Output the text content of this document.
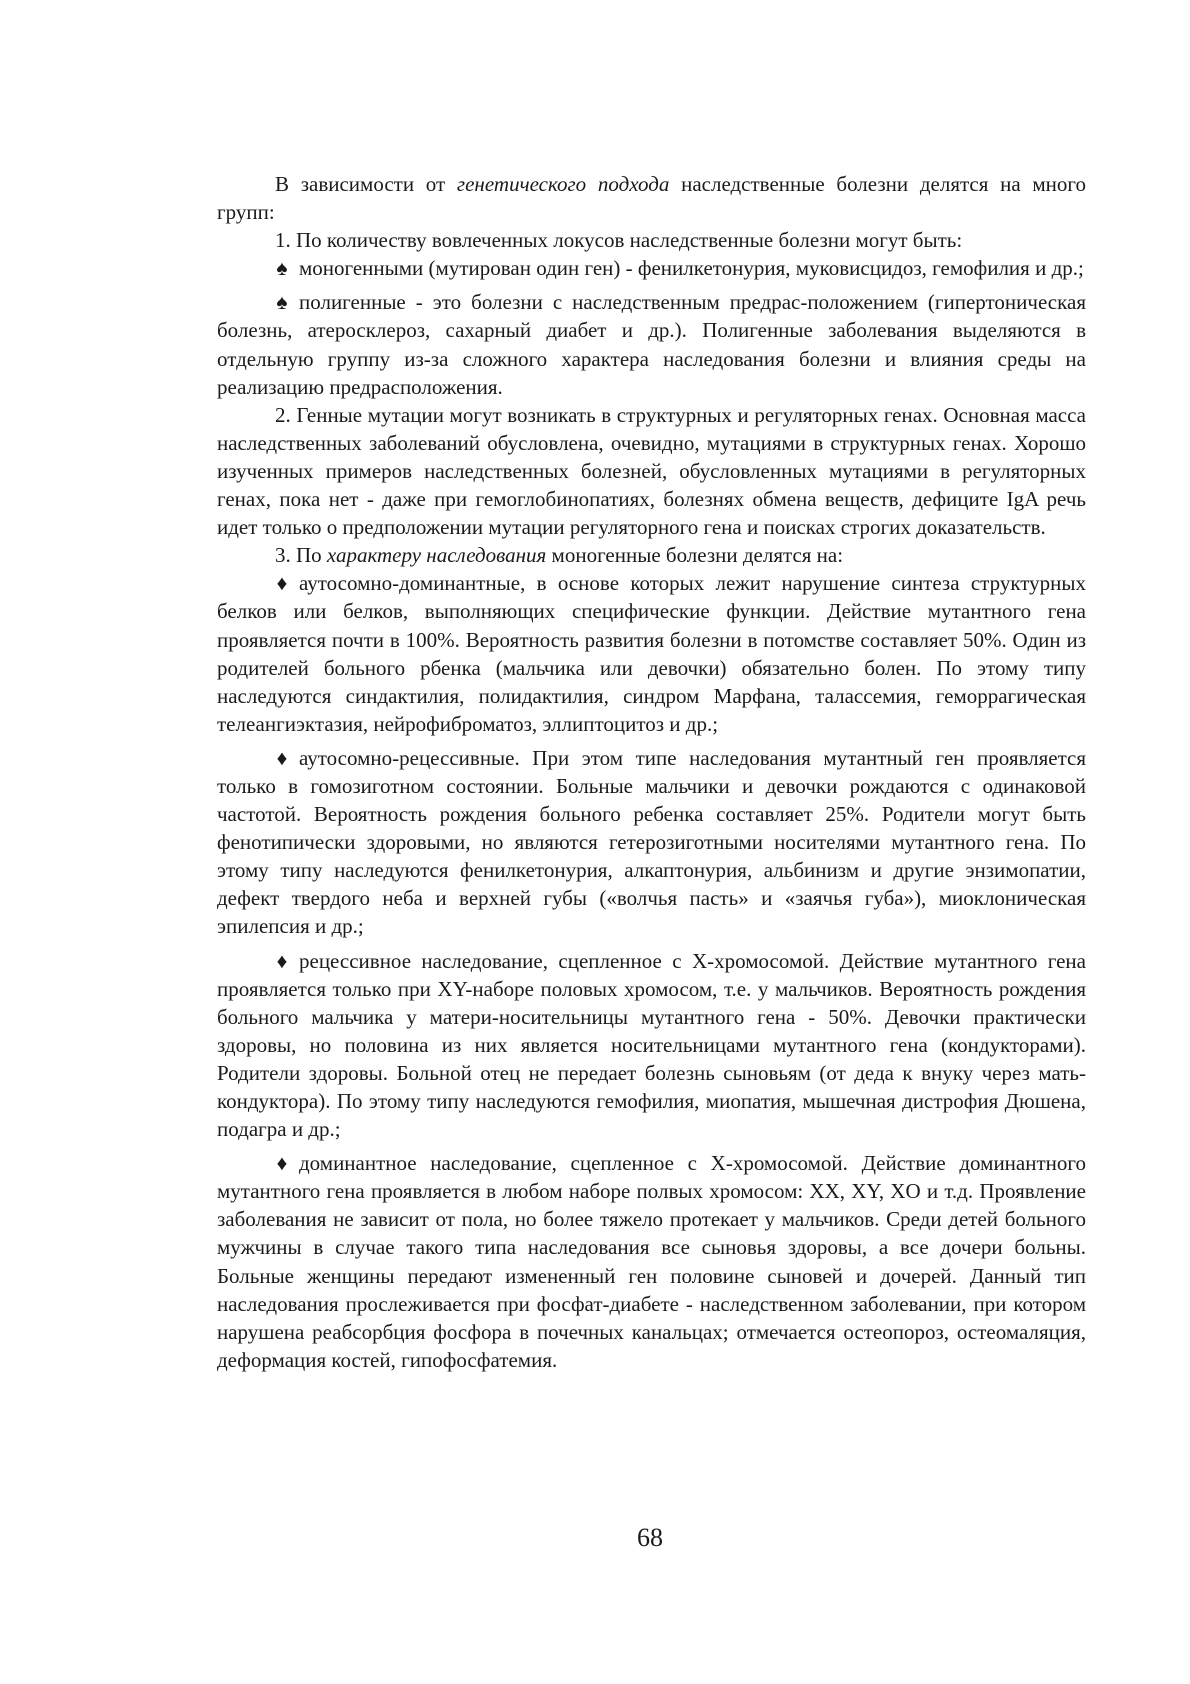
В зависимости от генетического подхода наследственные болезни делятся на много групп:

1. По количеству вовлеченных локусов наследственные болезни могут быть:

♠ моногенными (мутирован один ген) - фенилкетонурия, муковисцидоз, гемофилия и др.;

♠ полигенные - это болезни с наследственным предрас-положением (гипертоническая болезнь, атеросклероз, сахарный диабет и др.). Полигенные заболевания выделяются в отдельную группу из-за сложного характера наследования болезни и влияния среды на реализацию предрасположения.

2. Генные мутации могут возникать в структурных и регуляторных генах. Основная масса наследственных заболеваний обусловлена, очевидно, мутациями в структурных генах. Хорошо изученных примеров наследственных болезней, обусловленных мутациями в регуляторных генах, пока нет - даже при гемоглобинопатиях, болезнях обмена веществ, дефиците IgA речь идет только о предположении мутации регуляторного гена и поисках строгих доказательств.

3. По характеру наследования моногенные болезни делятся на:

♦ аутосомно-доминантные, в основе которых лежит нарушение синтеза структурных белков или белков, выполняющих специфические функции. Действие мутантного гена проявляется почти в 100%. Вероятность развития болезни в потомстве составляет 50%. Один из родителей больного рбенка (мальчика или девочки) обязательно болен. По этому типу наследуются синдактилия, полидактилия, синдром Марфана, талассемия, геморрагическая телеангиэктазия, нейрофиброматоз, эллиптоцитоз и др.;

♦ аутосомно-рецессивные. При этом типе наследования мутантный ген проявляется только в гомозиготном состоянии. Больные мальчики и девочки рождаются с одинаковой частотой. Вероятность рождения больного ребенка составляет 25%. Родители могут быть фенотипически здоровыми, но являются гетерозиготными носителями мутантного гена. По этому типу наследуются фенилкетонурия, алкаптонурия, альбинизм и другие энзимопатии, дефект твердого неба и верхней губы («волчья пасть» и «заячья губа»), миоклоническая эпилепсия и др.;

♦ рецессивное наследование, сцепленное с Х-хромосомой. Действие мутантного гена проявляется только при XY-наборе половых хромосом, т.е. у мальчиков. Вероятность рождения больного мальчика у матери-носительницы мутантного гена - 50%. Девочки практически здоровы, но половина из них является носительницами мутантного гена (кондукторами). Родители здоровы. Больной отец не передает болезнь сыновьям (от деда к внуку через мать-кондуктора). По этому типу наследуются гемофилия, миопатия, мышечная дистрофия Дюшена, подагра и др.;

♦ доминантное наследование, сцепленное с Х-хромосомой. Действие доминантного мутантного гена проявляется в любом наборе полвых хромосом: XX, XY, XO и т.д. Проявление заболевания не зависит от пола, но более тяжело протекает у мальчиков. Среди детей больного мужчины в случае такого типа наследования все сыновья здоровы, а все дочери больны. Больные женщины передают измененный ген половине сыновей и дочерей. Данный тип наследования прослеживается при фосфат-диабете - наследственном заболевании, при котором нарушена реабсорбция фосфора в почечных канальцах; отмечается остеопороз, остеомаляция, деформация костей, гипофосфатемия.

68
